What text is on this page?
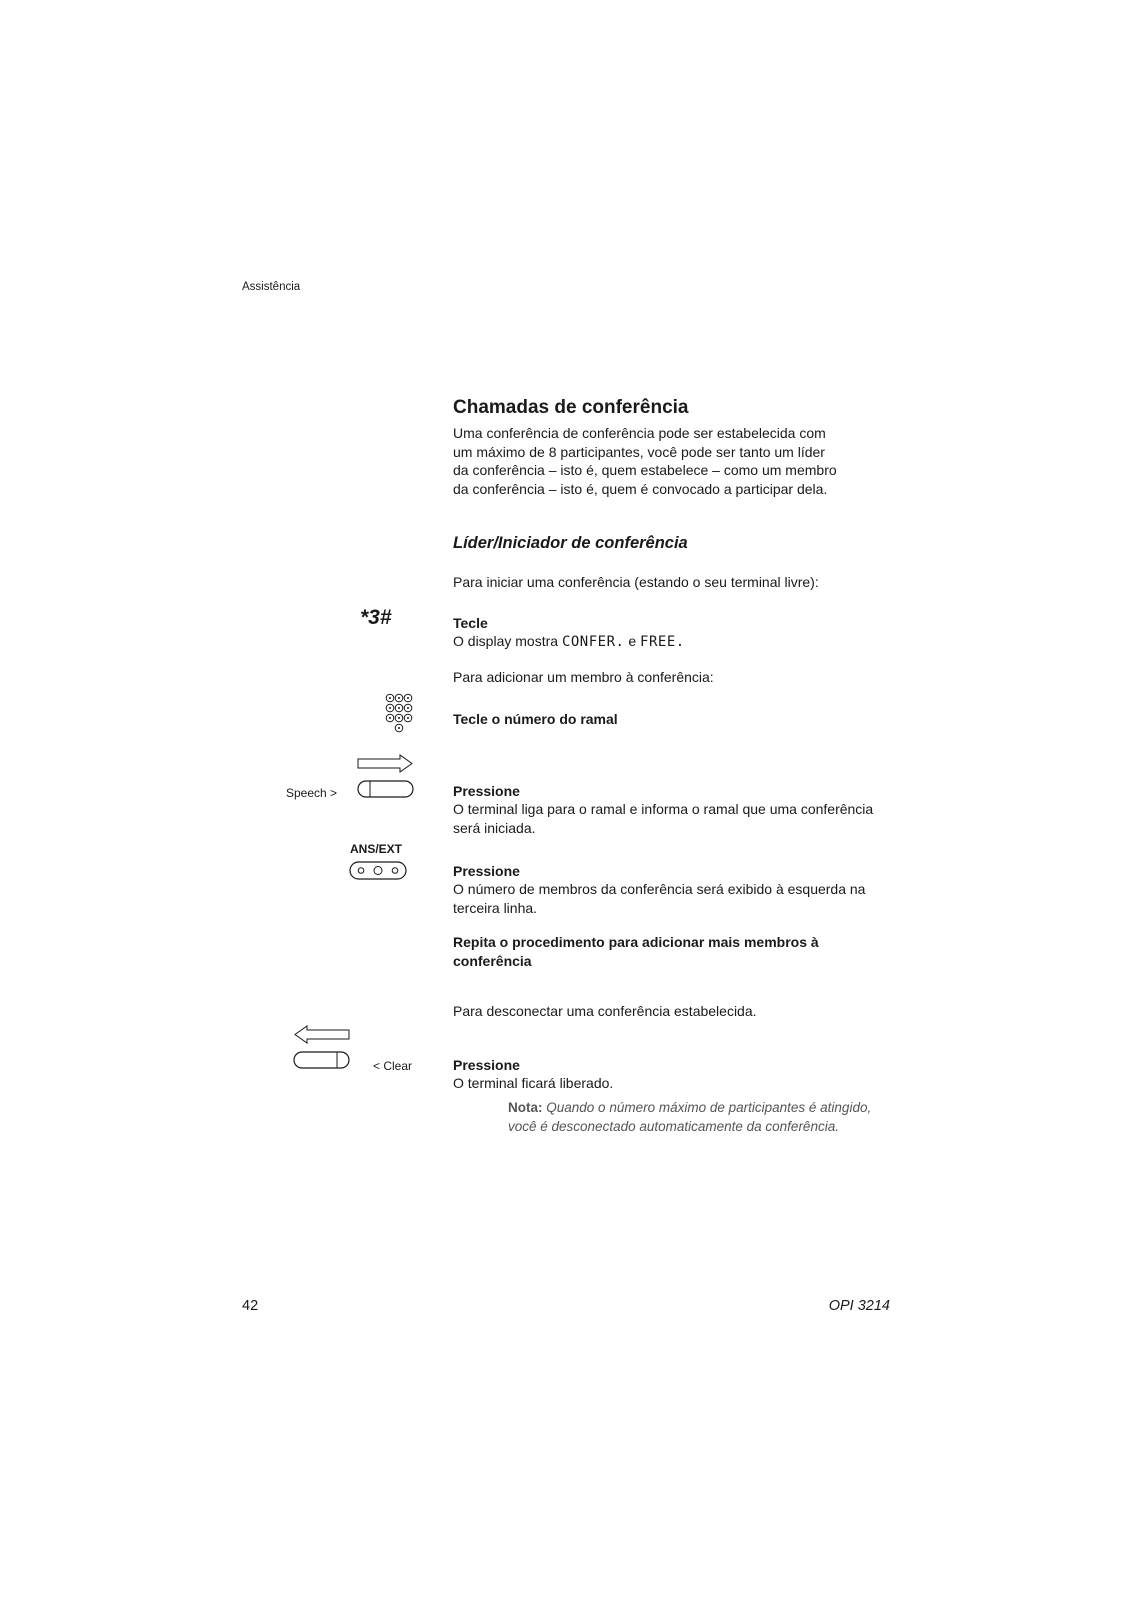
Assistência
Chamadas de conferência
Uma conferência de conferência pode ser estabelecida com
um máximo de 8 participantes, você pode ser tanto um líder
da conferência – isto é, quem estabelece – como um membro
da conferência – isto é, quem é convocado a participar dela.
Líder/Iniciador de conferência
Para iniciar uma conferência (estando o seu terminal livre):
*3#	Tecle
O display mostra CONFER. e FREE.
Para adicionar um membro à conferência:
Tecle o número do ramal
Speech >	Pressione
O terminal liga para o ramal e informa o ramal que uma conferência
será iniciada.
ANS/EXT
Pressione
O número de membros da conferência será exibido à esquerda na
terceira linha.
Repita o procedimento para adicionar mais membros à
conferência
Para desconectar uma conferência estabelecida.
< Clear	Pressione
O terminal ficará liberado.
Nota: Quando o número máximo de participantes é atingido,
você é desconectado automaticamente da conferência.
42	OPI 3214
